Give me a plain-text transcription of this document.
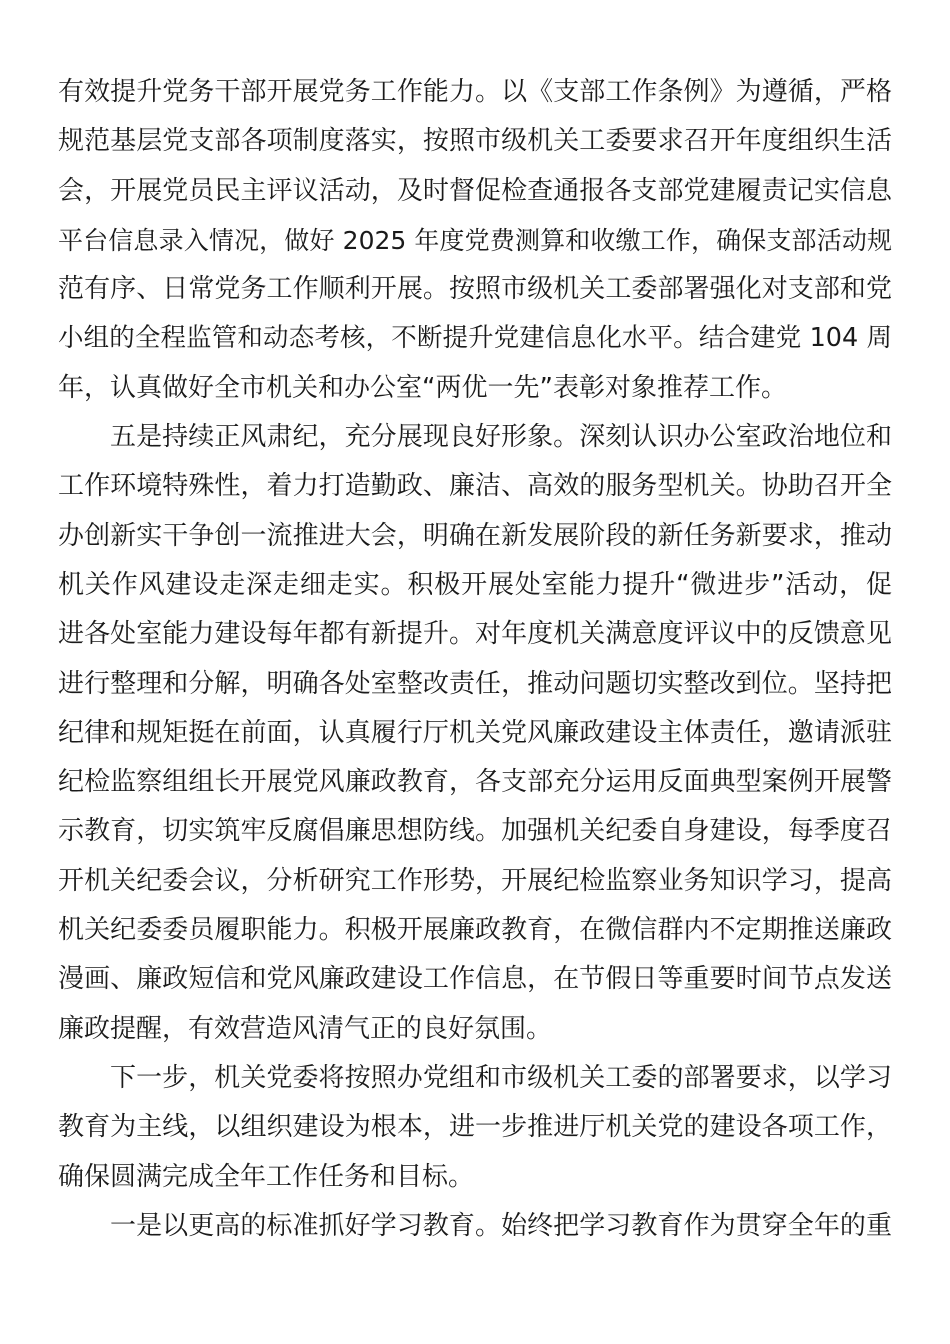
有效提升党务干部开展党务工作能力。以《支部工作条例》为遵循，严格
规范基层党支部各项制度落实，按照市级机关工委要求召开年度组织生活
会，开展党员民主评议活动，及时督促检查通报各支部党建履责记实信息
平台信息录入情况，做好 2025 年度党费测算和收缴工作，确保支部活动规
范有序、日常党务工作顺利开展。按照市级机关工委部署强化对支部和党
小组的全程监管和动态考核，不断提升党建信息化水平。结合建党 104 周
年，认真做好全市机关和办公室“两优一先”表彰对象推荐工作。
五是持续正风肃纪，充分展现良好形象。深刻认识办公室政治地位和
工作环境特殊性，着力打造勤政、廉洁、高效的服务型机关。协助召开全
办创新实干争创一流推进大会，明确在新发展阶段的新任务新要求，推动
机关作风建设走深走细走实。积极开展处室能力提升“微进步”活动，促
进各处室能力建设每年都有新提升。对年度机关满意度评议中的反馈意见
进行整理和分解，明确各处室整改责任，推动问题切实整改到位。坚持把
纪律和规矩挺在前面，认真履行厅机关党风廉政建设主体责任，邀请派驻
纪检监察组组长开展党风廉政教育，各支部充分运用反面典型案例开展警
示教育，切实筑牢反腐倡廉思想防线。加强机关纪委自身建设，每季度召
开机关纪委会议，分析研究工作形势，开展纪检监察业务知识学习，提高
机关纪委委员履职能力。积极开展廉政教育，在微信群内不定期推送廉政
漫画、廉政短信和党风廉政建设工作信息，在节假日等重要时间节点发送
廉政提醒，有效营造风清气正的良好氛围。
下一步，机关党委将按照办党组和市级机关工委的部署要求，以学习
教育为主线，以组织建设为根本，进一步推进厅机关党的建设各项工作，
确保圆满完成全年工作任务和目标。
一是以更高的标准抓好学习教育。始终把学习教育作为贯穿全年的重
